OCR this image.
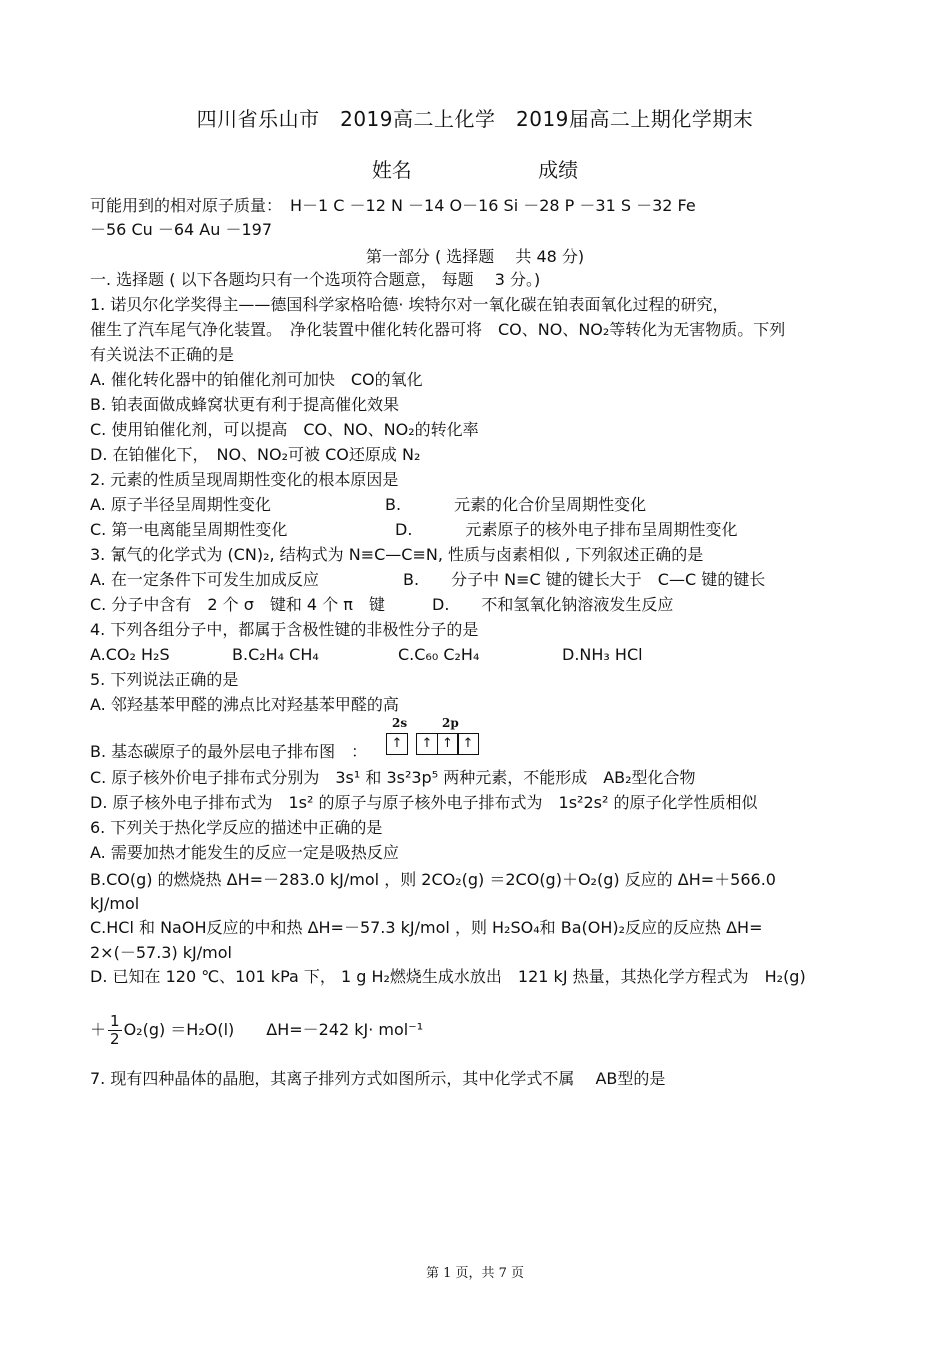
四川省乐山市　2019高二上化学　2019届高二上期化学期末
姓名	成绩
可能用到的相对原子质量：　H－1 C －12 N －14 O－16 Si －28 P －31 S －32 Fe
－56 Cu －64 Au －197
第一部分 ( 选择题　 共 48 分)
一. 选择题 ( 以下各题均只有一个选项符合题意， 每题　 3 分。)
1. 诺贝尔化学奖得主——德国科学家格哈德· 埃特尔对一氧化碳在铂表面氧化过程的研究，
催生了汽车尾气净化装置。　净化装置中催化转化器可将　CO、NO、NO₂等转化为无害物质。下列
有关说法不正确的是
A. 催化转化器中的铂催化剂可加快　CO的氧化
B. 铂表面做成蜂窝状更有利于提高催化效果
C. 使用铂催化剂，可以提高　CO、NO、NO₂的转化率
D. 在铂催化下，　NO、NO₂可被 CO还原成 N₂
2. 元素的性质呈现周期性变化的根本原因是
A. 原子半径呈周期性变化	B.　　　 元素的化合价呈周期性变化
C. 第一电离能呈周期性变化	D.　　　 元素原子的核外电子排布呈周期性变化
3. 氰气的化学式为 (CN)₂, 结构式为 N≡C—C≡N, 性质与卤素相似 , 下列叙述正确的是
A. 在一定条件下可发生加成反应	B.　　分子中 N≡C 键的键长大于　C—C 键的键长
C. 分子中含有　2 个 σ　键和 4 个 π　键	D.　　不和氢氧化钠溶液发生反应
4. 下列各组分子中，都属于含极性键的非极性分子的是
A.CO₂ H₂S	B.C₂H₄ CH₄	C.C₆₀ C₂H₄	D.NH₃ HCl
5. 下列说法正确的是
A. 邻羟基苯甲醛的沸点比对羟基苯甲醛的高
B. 基态碳原子的最外层电子排布图　：
2s	2p
↑	↑ ↑ ↑
C. 原子核外价电子排布式分别为　3s¹ 和 3s²3p⁵ 两种元素，不能形成　AB₂型化合物
D. 原子核外电子排布式为　1s² 的原子与原子核外电子排布式为　1s²2s² 的原子化学性质相似
6. 下列关于热化学反应的描述中正确的是
A. 需要加热才能发生的反应一定是吸热反应
B.CO(g) 的燃烧热 ΔH=－283.0 kJ/mol ，则 2CO₂(g) ＝2CO(g)＋O₂(g) 反应的 ΔH=＋566.0
kJ/mol
C.HCl 和 NaOH反应的中和热 ΔH=－57.3 kJ/mol ，则 H₂SO₄和 Ba(OH)₂反应的反应热 ΔH=
2×(－57.3) kJ/mol
D. 已知在 120 ℃、101 kPa 下， 1 g H₂燃烧生成水放出　121 kJ 热量，其热化学方程式为　H₂(g)
＋ $\frac{1}{2} O_2(g) =H_2O(l)$　　ΔH=－242 kJ· mol⁻¹
7. 现有四种晶体的晶胞，其离子排列方式如图所示，其中化学式不属　 AB型的是
第 1 页，共 7 页
